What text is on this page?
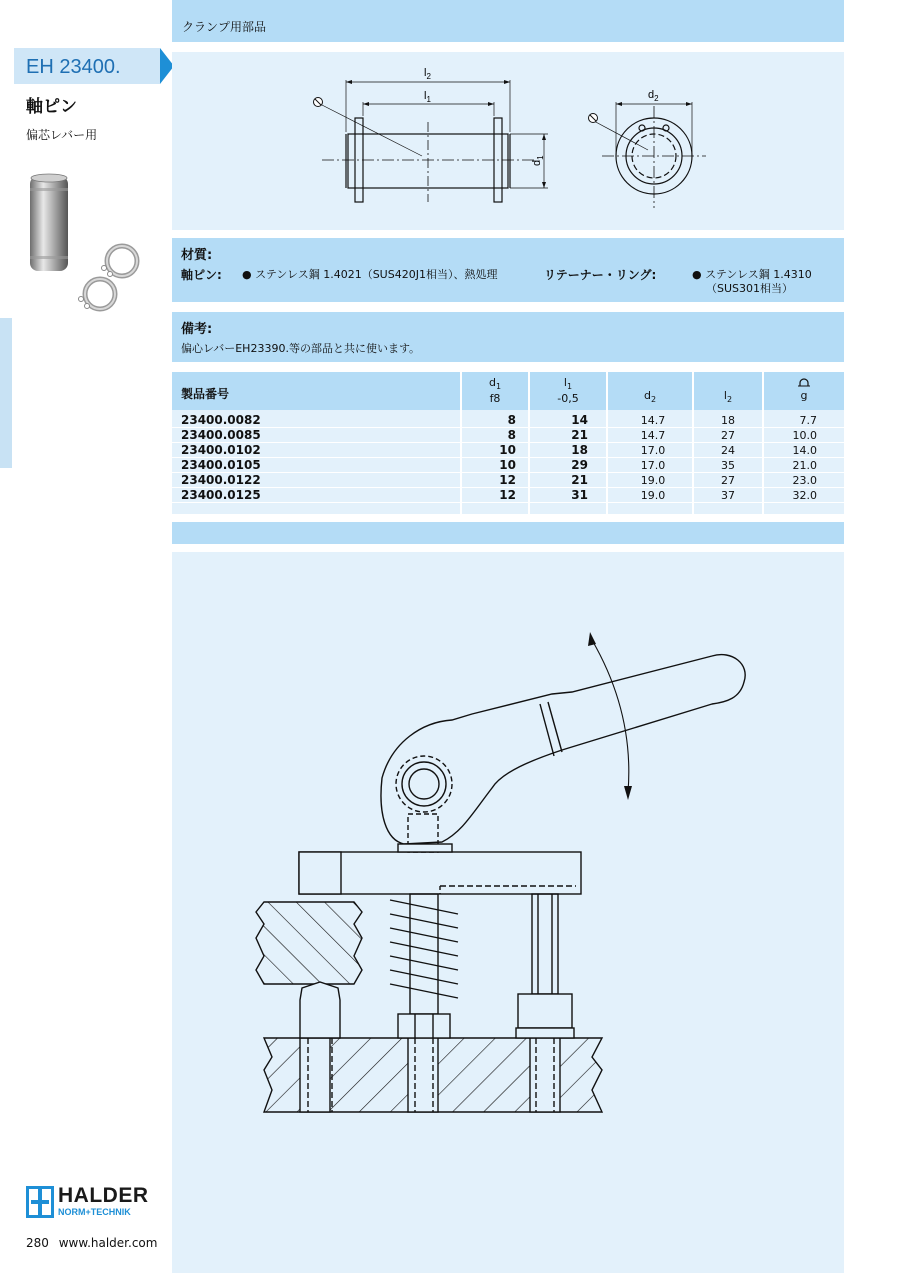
EH 23400.
軸ピン
偏芯レバー用
クランプ用部品
$l_2$
$l_1$
$d_1$
$d_2$
材質:
軸ピン: ● ステンレス鋼 1.4021（SUS420J1相当）、熱処理	リテーナー・リング:	● ステンレス鋼 1.4310
（SUS301相当）
備考:
偏心レバーEH23390.等の部品と共に使います。
製品番号
$d_1$
f8
$l_1$
-0,5	$d_2$	$l_2$	g
23400.0082	8	14	14.7	18	7.7
23400.0085	8	21	14.7	27	10.0
23400.0102	10	18	17.0	24	14.0
23400.0105	10	29	17.0	35	21.0
23400.0122	12	21	19.0	27	23.0
23400.0125	12	31	19.0	37	32.0
HALDER
NORM+TECHNIK
280 www.halder.com
